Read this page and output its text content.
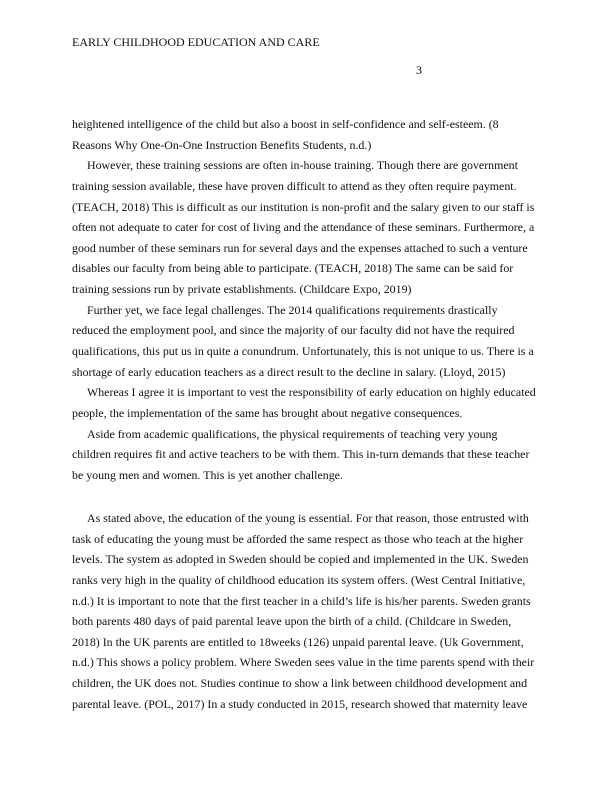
EARLY CHILDHOOD EDUCATION AND CARE
3
heightened intelligence of the child but also a boost in self-confidence and self-esteem. (8
Reasons Why One-On-One Instruction Benefits Students, n.d.)
However, these training sessions are often in-house training. Though there are government
training session available, these have proven difficult to attend as they often require payment.
(TEACH, 2018) This is difficult as our institution is non-profit and the salary given to our staff is
often not adequate to cater for cost of living and the attendance of these seminars. Furthermore, a
good number of these seminars run for several days and the expenses attached to such a venture
disables our faculty from being able to participate. (TEACH, 2018) The same can be said for
training sessions run by private establishments. (Childcare Expo, 2019)
Further yet, we face legal challenges. The 2014 qualifications requirements drastically
reduced the employment pool, and since the majority of our faculty did not have the required
qualifications, this put us in quite a conundrum. Unfortunately, this is not unique to us. There is a
shortage of early education teachers as a direct result to the decline in salary. (Lloyd, 2015)
Whereas I agree it is important to vest the responsibility of early education on highly educated
people, the implementation of the same has brought about negative consequences.
Aside from academic qualifications, the physical requirements of teaching very young
children requires fit and active teachers to be with them. This in-turn demands that these teacher
be young men and women. This is yet another challenge.
As stated above, the education of the young is essential. For that reason, those entrusted with
task of educating the young must be afforded the same respect as those who teach at the higher
levels. The system as adopted in Sweden should be copied and implemented in the UK. Sweden
ranks very high in the quality of childhood education its system offers. (West Central Initiative,
n.d.) It is important to note that the first teacher in a child’s life is his/her parents. Sweden grants
both parents 480 days of paid parental leave upon the birth of a child. (Childcare in Sweden,
2018) In the UK parents are entitled to 18weeks (126) unpaid parental leave. (Uk Government,
n.d.) This shows a policy problem. Where Sweden sees value in the time parents spend with their
children, the UK does not. Studies continue to show a link between childhood development and
parental leave. (POL, 2017) In a study conducted in 2015, research showed that maternity leave
